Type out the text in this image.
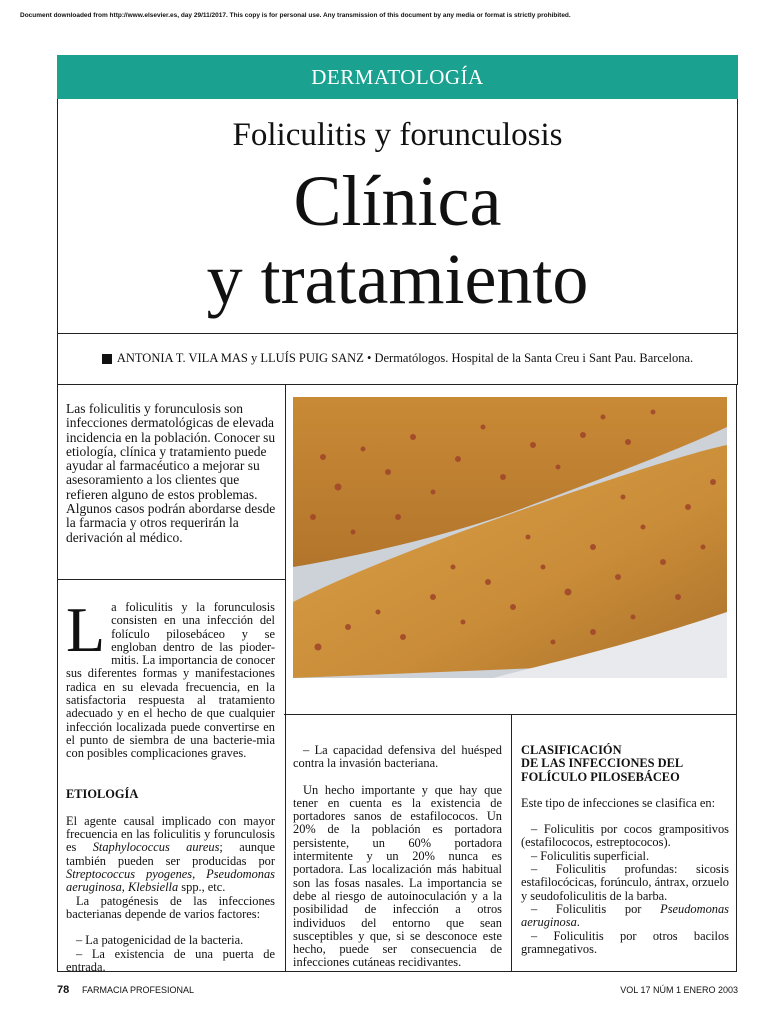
Document downloaded from http://www.elsevier.es, day 29/11/2017. This copy is for personal use. Any transmission of this document by any media or format is strictly prohibited.
DERMATOLOGÍA
Foliculitis y forunculosis
Clínica
y tratamiento
ANTONIA T. VILA MAS y LLUÍS PUIG SANZ • Dermatólogos. Hospital de la Santa Creu i Sant Pau. Barcelona.
Las foliculitis y forunculosis son infecciones dermatológicas de elevada incidencia en la población. Conocer su etiología, clínica y tratamiento puede ayudar al farmacéutico a mejorar su asesoramiento a los clientes que refieren alguno de estos problemas. Algunos casos podrán abordarse desde la farmacia y otros requerirán la derivación al médico.

La foliculitis y la forunculosis consisten en una infección del folículo pilosebáceo y se engloban dentro de las pioder-mitis. La importancia de conocer sus diferentes formas y manifestaciones radica en su elevada frecuencia, en la satisfactoria respuesta al tratamiento adecuado y en el hecho de que cualquier infección localizada puede convertirse en el punto de siembra de una bacterie-mia con posibles complicaciones graves.

ETIOLOGÍA

El agente causal implicado con mayor frecuencia en las foliculitis y forunculosis es Staphylococcus aureus; aunque también pueden ser producidas por Streptococcus pyogenes, Pseudomonas aeruginosa, Klebsiella spp., etc.

La patogénesis de las infecciones bacterianas depende de varios factores:

– La patogenicidad de la bacteria.

– La existencia de una puerta de entrada.

– La capacidad defensiva del huésped contra la invasión bacteriana.

Un hecho importante y que hay que tener en cuenta es la existencia de portadores sanos de estafilococos. Un 20% de la población es portadora persistente, un 60% portadora intermitente y un 20% nunca es portadora. Las localización más habitual son las fosas nasales. La importancia se debe al riesgo de autoinoculación y a la posibilidad de infección a otros individuos del entorno que sean susceptibles y que, si se desconoce este hecho, puede ser consecuencia de infecciones cutáneas recidivantes.

CLASIFICACIÓN
DE LAS INFECCIONES DEL
FOLÍCULO PILOSEBÁCEO

Este tipo de infecciones se clasifica en:

– Foliculitis por cocos grampositivos (estafilococos, estreptococos).

– Foliculitis superficial.

– Foliculitis profundas: sicosis estafilocócicas, forúnculo, ántrax, orzuelo y seudofoliculitis de la barba.

– Foliculitis por Pseudomonas aeruginosa.

– Foliculitis por otros bacilos gramnegativos.

78 FARMACIA PROFESIONAL	VOL 17 NÚM 1 ENERO 2003
